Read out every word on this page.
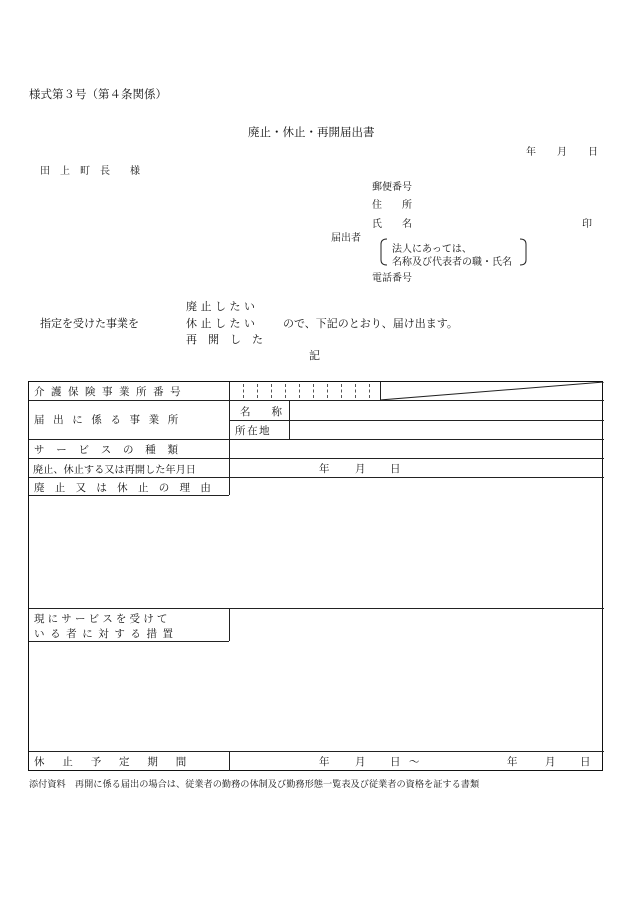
様式第３号（第４条関係）
廃止・休止・再開届出書
年 月 日
田　上　町　長　　様
郵便番号
住　　所
氏　　名	印
届出者
法人にあっては、
名称及び代表者の職・氏名
電話番号
廃 止 し た い
指定を受けた事業を	休 止 し た い	ので、下記のとおり、届け出ます。
再　開　し　た
記
介護保険事業所番号
届出に係る事業所
名　　称
所在地
サービスの種類
廃止、休止する又は再開した年月日	年 月 日
廃止又は休止の理由
現にサービスを受けて
いる者に対する措置
休止予定期間	年 月 日 ～	年	月 日
添付資料　再開に係る届出の場合は、従業者の勤務の体制及び勤務形態一覧表及び従業者の資格を証する書類
